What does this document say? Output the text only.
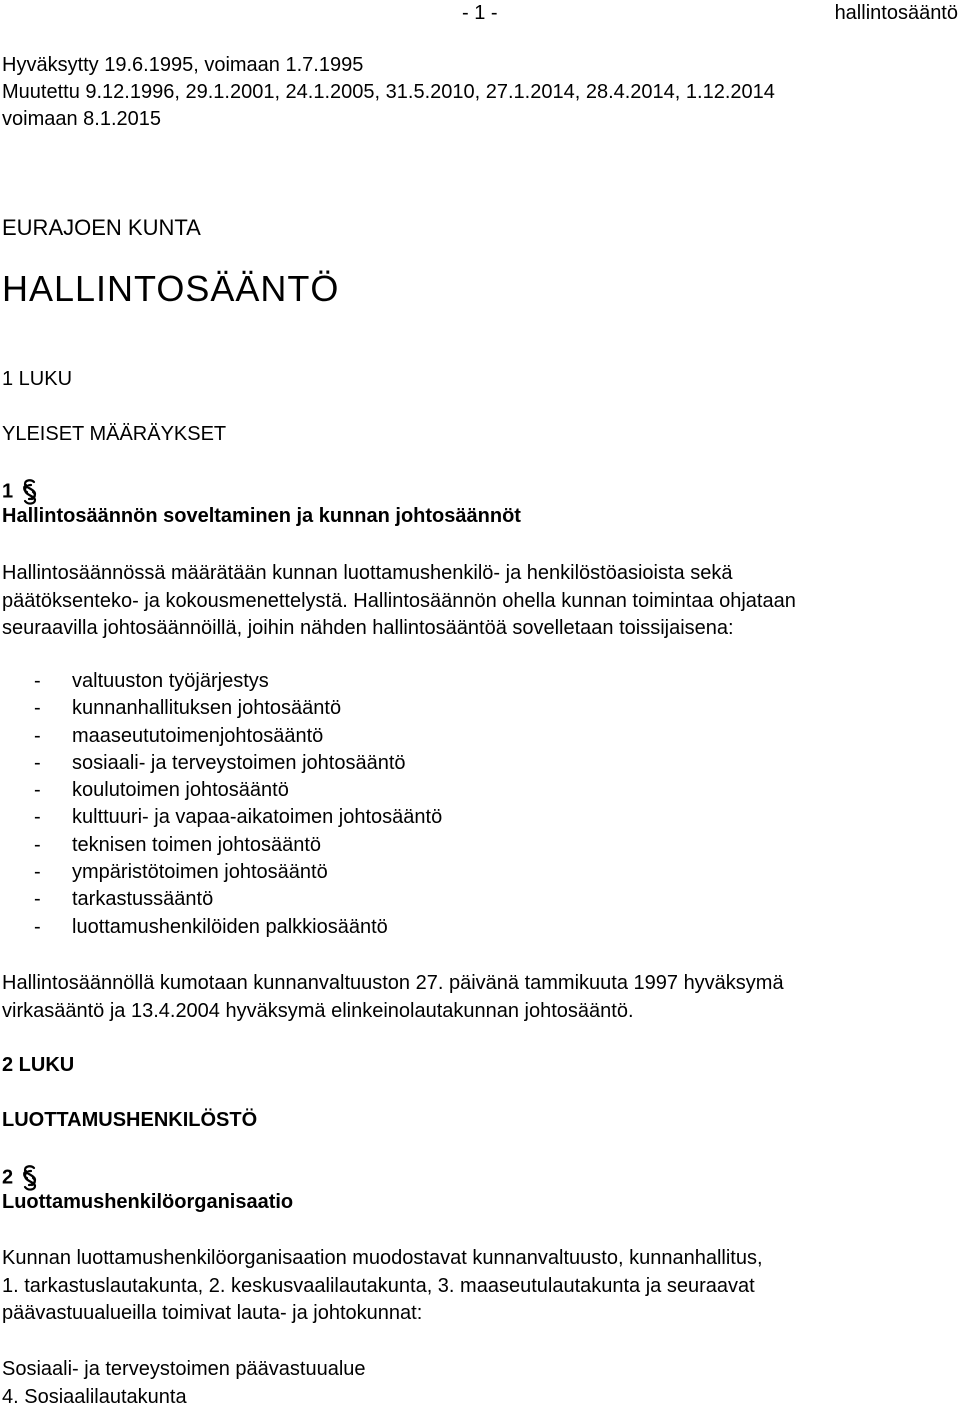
- 1 -	hallintosääntö
Hyväksytty 19.6.1995, voimaan 1.7.1995
Muutettu 9.12.1996, 29.1.2001, 24.1.2005, 31.5.2010, 27.1.2014, 28.4.2014, 1.12.2014
voimaan 8.1.2015
EURAJOEN KUNTA
HALLINTOSÄÄNTÖ
1 LUKU
YLEISET MÄÄRÄYKSET
1
Hallintosäännön soveltaminen ja kunnan johtosäännöt
Hallintosäännössä määrätään kunnan luottamushenkilö- ja henkilöstöasioista sekä
päätöksenteko- ja kokousmenettelystä. Hallintosäännön ohella kunnan toimintaa ohjataan
seuraavilla johtosäännöillä, joihin nähden hallintosääntöä sovelletaan toissijaisena:
- valtuuston työjärjestys
- kunnanhallituksen johtosääntö
- maaseututoimenjohtosääntö
- sosiaali- ja terveystoimen johtosääntö
- koulutoimen johtosääntö
- kulttuuri- ja vapaa-aikatoimen johtosääntö
- teknisen toimen johtosääntö
- ympäristötoimen johtosääntö
- tarkastussääntö
- luottamushenkilöiden palkkiosääntö
Hallintosäännöllä kumotaan kunnanvaltuuston 27. päivänä tammikuuta 1997 hyväksymä
virkasääntö ja 13.4.2004 hyväksymä elinkeinolautakunnan johtosääntö.
2 LUKU
LUOTTAMUSHENKILÖSTÖ
2
Luottamushenkilöorganisaatio
Kunnan luottamushenkilöorganisaation muodostavat kunnanvaltuusto, kunnanhallitus,
1. tarkastuslautakunta, 2. keskusvaalilautakunta, 3. maaseutulautakunta ja seuraavat
päävastuualueilla toimivat lauta- ja johtokunnat:
Sosiaali- ja terveystoimen päävastuualue
4. Sosiaalilautakunta
